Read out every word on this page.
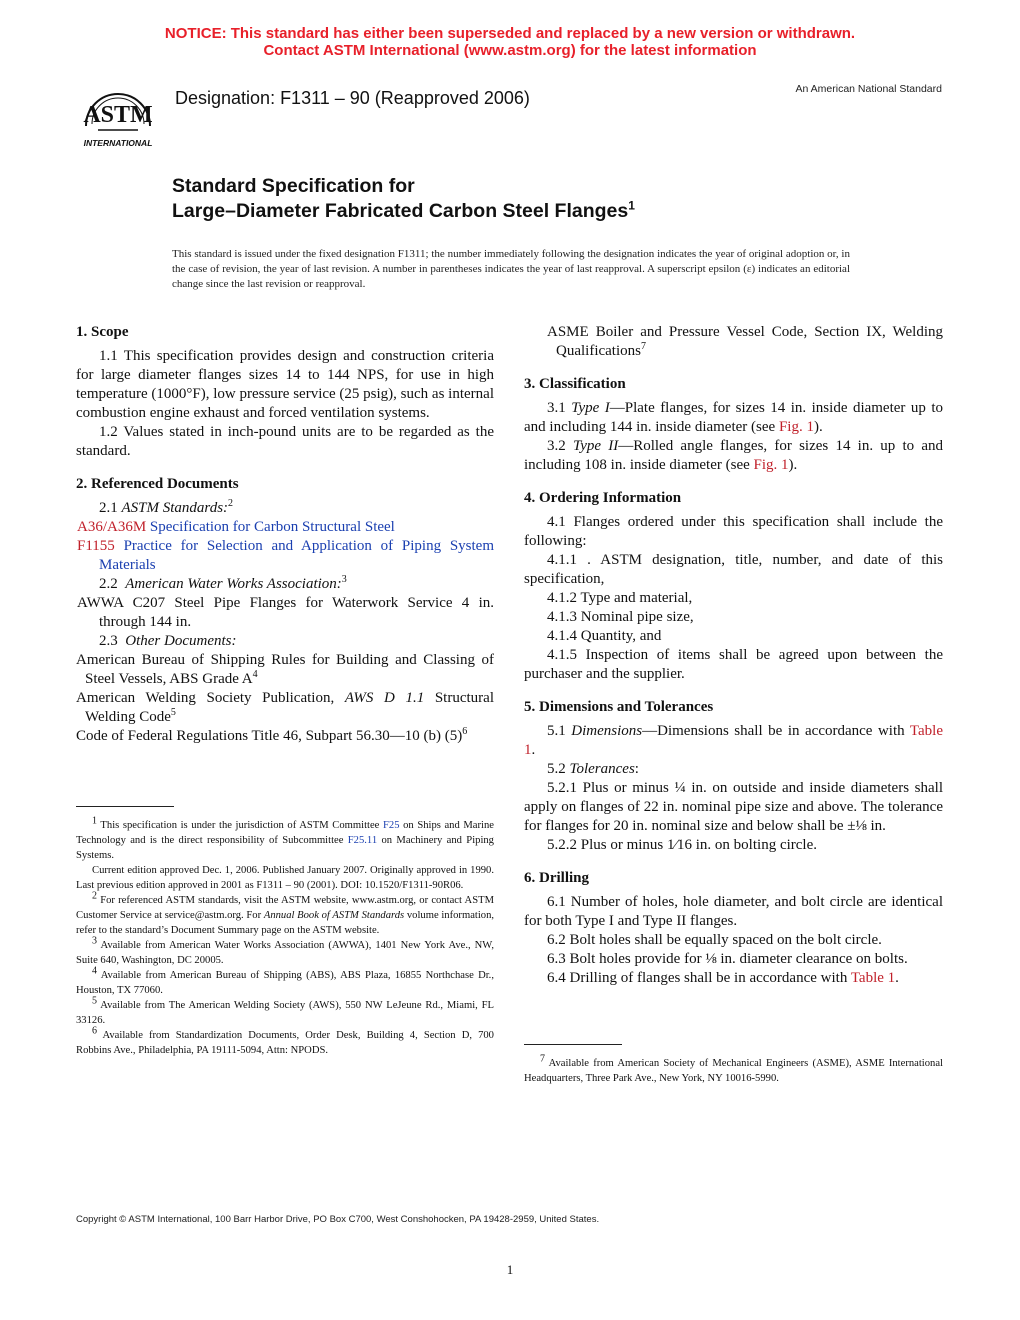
NOTICE: This standard has either been superseded and replaced by a new version or withdrawn.
Contact ASTM International (www.astm.org) for the latest information
ASTM
INTERNATIONAL
Designation: F1311 – 90 (Reapproved 2006)	An American National Standard
Standard Specification for
Large–Diameter Fabricated Carbon Steel Flanges$^1$
This standard is issued under the fixed designation F1311; the number immediately following the designation indicates the year of original adoption or, in the case of revision, the year of last revision. A number in parentheses indicates the year of last reapproval. A superscript epsilon (ε) indicates an editorial change since the last revision or reapproval.

1. Scope

1.1 This specification provides design and construction criteria for large diameter flanges sizes 14 to 144 NPS, for use in high temperature (1000°F), low pressure service (25 psig), such as internal combustion engine exhaust and forced ventilation systems.

1.2 Values stated in inch-pound units are to be regarded as the standard.

2. Referenced Documents

2.1 ASTM Standards:$^2$

A36/A36M Specification for Carbon Structural Steel

F1155 Practice for Selection and Application of Piping System Materials

2.2 American Water Works Association:$^3$

AWWA C207 Steel Pipe Flanges for Waterwork Service 4 in. through 144 in.

2.3 Other Documents:

American Bureau of Shipping Rules for Building and Classing of Steel Vessels, ABS Grade $A^4$

American Welding Society Publication, AWS D 1.1 Structural Welding Code$^5$

Code of Federal Regulations Title 46, Subpart 56.30—10 (b) $(5)^6$

$^1$ This specification is under the jurisdiction of ASTM Committee F25 on Ships and Marine Technology and is the direct responsibility of Subcommittee F25.11 on Machinery and Piping Systems.

Current edition approved Dec. 1, 2006. Published January 2007. Originally approved in 1990. Last previous edition approved in 2001 as F1311 – 90 (2001). DOI: 10.1520/F1311-90R06.

$^2$ For referenced ASTM standards, visit the ASTM website, www.astm.org, or contact ASTM Customer Service at service@astm.org. For Annual Book of ASTM Standards volume information, refer to the standard’s Document Summary page on the ASTM website.

$^3$ Available from American Water Works Association (AWWA), 1401 New York Ave., NW, Suite 640, Washington, DC 20005.

$^4$ Available from American Bureau of Shipping (ABS), ABS Plaza, 16855 Northchase Dr., Houston, TX 77060.

$^5$ Available from The American Welding Society (AWS), 550 NW LeJeune Rd., Miami, FL 33126.

$^6$ Available from Standardization Documents, Order Desk, Building 4, Section D, 700 Robbins Ave., Philadelphia, PA 19111-5094, Attn: NPODS.

ASME Boiler and Pressure Vessel Code, Section IX, Welding Qualifications$^7$

3. Classification

3.1 Type I—Plate flanges, for sizes 14 in. inside diameter up to and including 144 in. inside diameter (see Fig. 1).

3.2 Type II—Rolled angle flanges, for sizes 14 in. up to and including 108 in. inside diameter (see Fig. 1).

4. Ordering Information

4.1 Flanges ordered under this specification shall include the following:

4.1.1 . ASTM designation, title, number, and date of this specification,

4.1.2 Type and material,

4.1.3 Nominal pipe size,

4.1.4 Quantity, and

4.1.5 Inspection of items shall be agreed upon between the purchaser and the supplier.

5. Dimensions and Tolerances

5.1 Dimensions—Dimensions shall be in accordance with Table 1.

5.2 Tolerances:

5.2.1 Plus or minus ¼ in. on outside and inside diameters shall apply on flanges of 22 in. nominal pipe size and above. The tolerance for flanges for 20 in. nominal size and below shall be ±⅛ in.

5.2.2 Plus or minus 1⁄16 in. on bolting circle.

6. Drilling

6.1 Number of holes, hole diameter, and bolt circle are identical for both Type I and Type II flanges.

6.2 Bolt holes shall be equally spaced on the bolt circle.

6.3 Bolt holes provide for ⅛ in. diameter clearance on bolts.

6.4 Drilling of flanges shall be in accordance with Table 1.

$^7$ Available from American Society of Mechanical Engineers (ASME), ASME International Headquarters, Three Park Ave., New York, NY 10016-5990.

Copyright © ASTM International, 100 Barr Harbor Drive, PO Box C700, West Conshohocken, PA 19428-2959, United States.
1
